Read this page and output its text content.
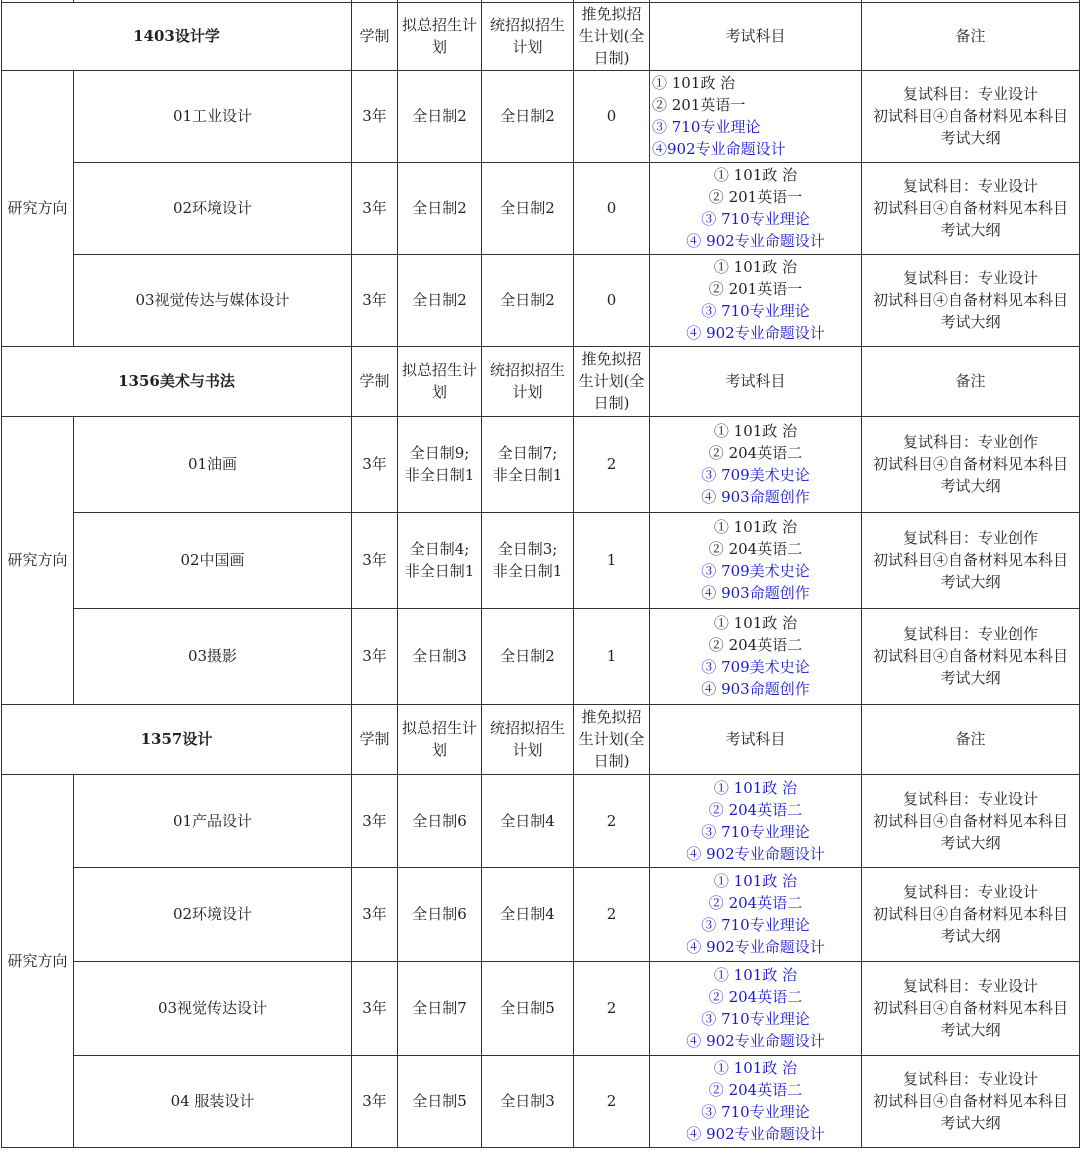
1403设计学		学制	拟总招生计划	统招拟招生计划	推免拟招生计划(全日制)	考试科目	备注
研究方向	01工业设计	3年	全日制2	全日制2	0	① 101政 治
② 201英语一
③ 710专业理论
④902专业命题设计	复试科目：专业设计
初试科目④自备材料见本科目
考试大纲

	02环境设计	3年	全日制2	全日制2	0	① 101政 治
② 201英语一
③ 710专业理论
④ 902专业命题设计	复试科目：专业设计
初试科目④自备材料见本科目
考试大纲

	03视觉传达与媒体设计	3年	全日制2	全日制2	0	① 101政 治
② 201英语一
③ 710专业理论
④ 902专业命题设计	复试科目：专业设计
初试科目④自备材料见本科目
考试大纲

1356美术与书法		学制	拟总招生计划	统招拟招生计划	推免拟招生计划(全日制)	考试科目	备注
研究方向	01油画	3年	全日制9;
非全日制1	全日制7;
非全日制1	2	① 101政 治
② 204英语二
③ 709美术史论
④ 903命题创作	复试科目：专业创作
初试科目④自备材料见本科目
考试大纲

	02中国画	3年	全日制4;
非全日制1	全日制3;
非全日制1	1	① 101政 治
② 204英语二
③ 709美术史论
④ 903命题创作	复试科目：专业创作
初试科目④自备材料见本科目
考试大纲

	03摄影	3年	全日制3	全日制2	1	① 101政 治
② 204英语二
③ 709美术史论
④ 903命题创作	复试科目：专业创作
初试科目④自备材料见本科目
考试大纲

1357设计		学制	拟总招生计划	统招拟招生计划	推免拟招生计划(全日制)	考试科目	备注
研究方向	01产品设计	3年	全日制6	全日制4	2	① 101政 治
② 204英语二
③ 710专业理论
④ 902专业命题设计	复试科目：专业设计
初试科目④自备材料见本科目
考试大纲

	02环境设计	3年	全日制6	全日制4	2	① 101政 治
② 204英语二
③ 710专业理论
④ 902专业命题设计	复试科目：专业设计
初试科目④自备材料见本科目
考试大纲

	03视觉传达设计	3年	全日制7	全日制5	2	① 101政 治
② 204英语二
③ 710专业理论
④ 902专业命题设计	复试科目：专业设计
初试科目④自备材料见本科目
考试大纲

	04 服装设计	3年	全日制5	全日制3	2	① 101政 治
② 204英语二
③ 710专业理论
④ 902专业命题设计	复试科目：专业设计
初试科目④自备材料见本科目
考试大纲
